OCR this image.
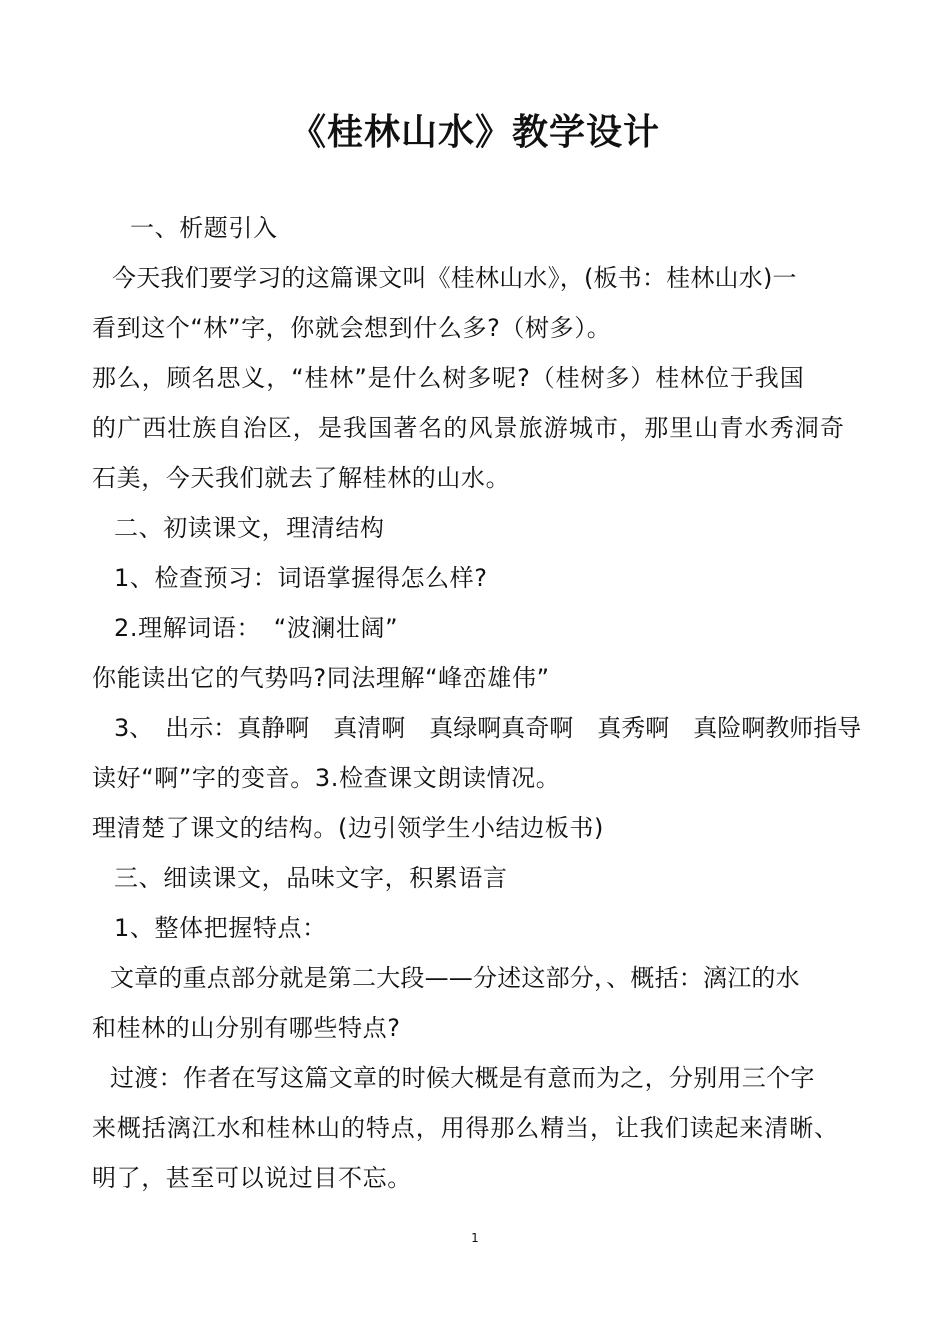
《桂林山水》教学设计

一、析题引入

今天我们要学习的这篇课文叫《桂林山水》，(板书：桂林山水)一

看到这个“林”字，你就会想到什么多?（树多）。

那么，顾名思义，“桂林”是什么树多呢?（桂树多）桂林位于我国

的广西壮族自治区，是我国著名的风景旅游城市，那里山青水秀洞奇

石美，今天我们就去了解桂林的山水。

二、初读课文，理清结构

1、检查预习：词语掌握得怎么样?

2.理解词语：　“波澜壮阔”

你能读出它的气势吗?同法理解“峰峦雄伟”

3、　出示：真静啊　真清啊　真绿啊真奇啊　真秀啊　真险啊教师指导

读好“啊”字的变音。3.检查课文朗读情况。

理清楚了课文的结构。(边引领学生小结边板书)

三、细读课文，品味文字，积累语言

1、整体把握特点：

文章的重点部分就是第二大段——分述这部分，、概括：漓江的水

和桂林的山分别有哪些特点?

过渡：作者在写这篇文章的时候大概是有意而为之，分别用三个字

来概括漓江水和桂林山的特点，用得那么精当，让我们读起来清晰、

明了，甚至可以说过目不忘。

1
